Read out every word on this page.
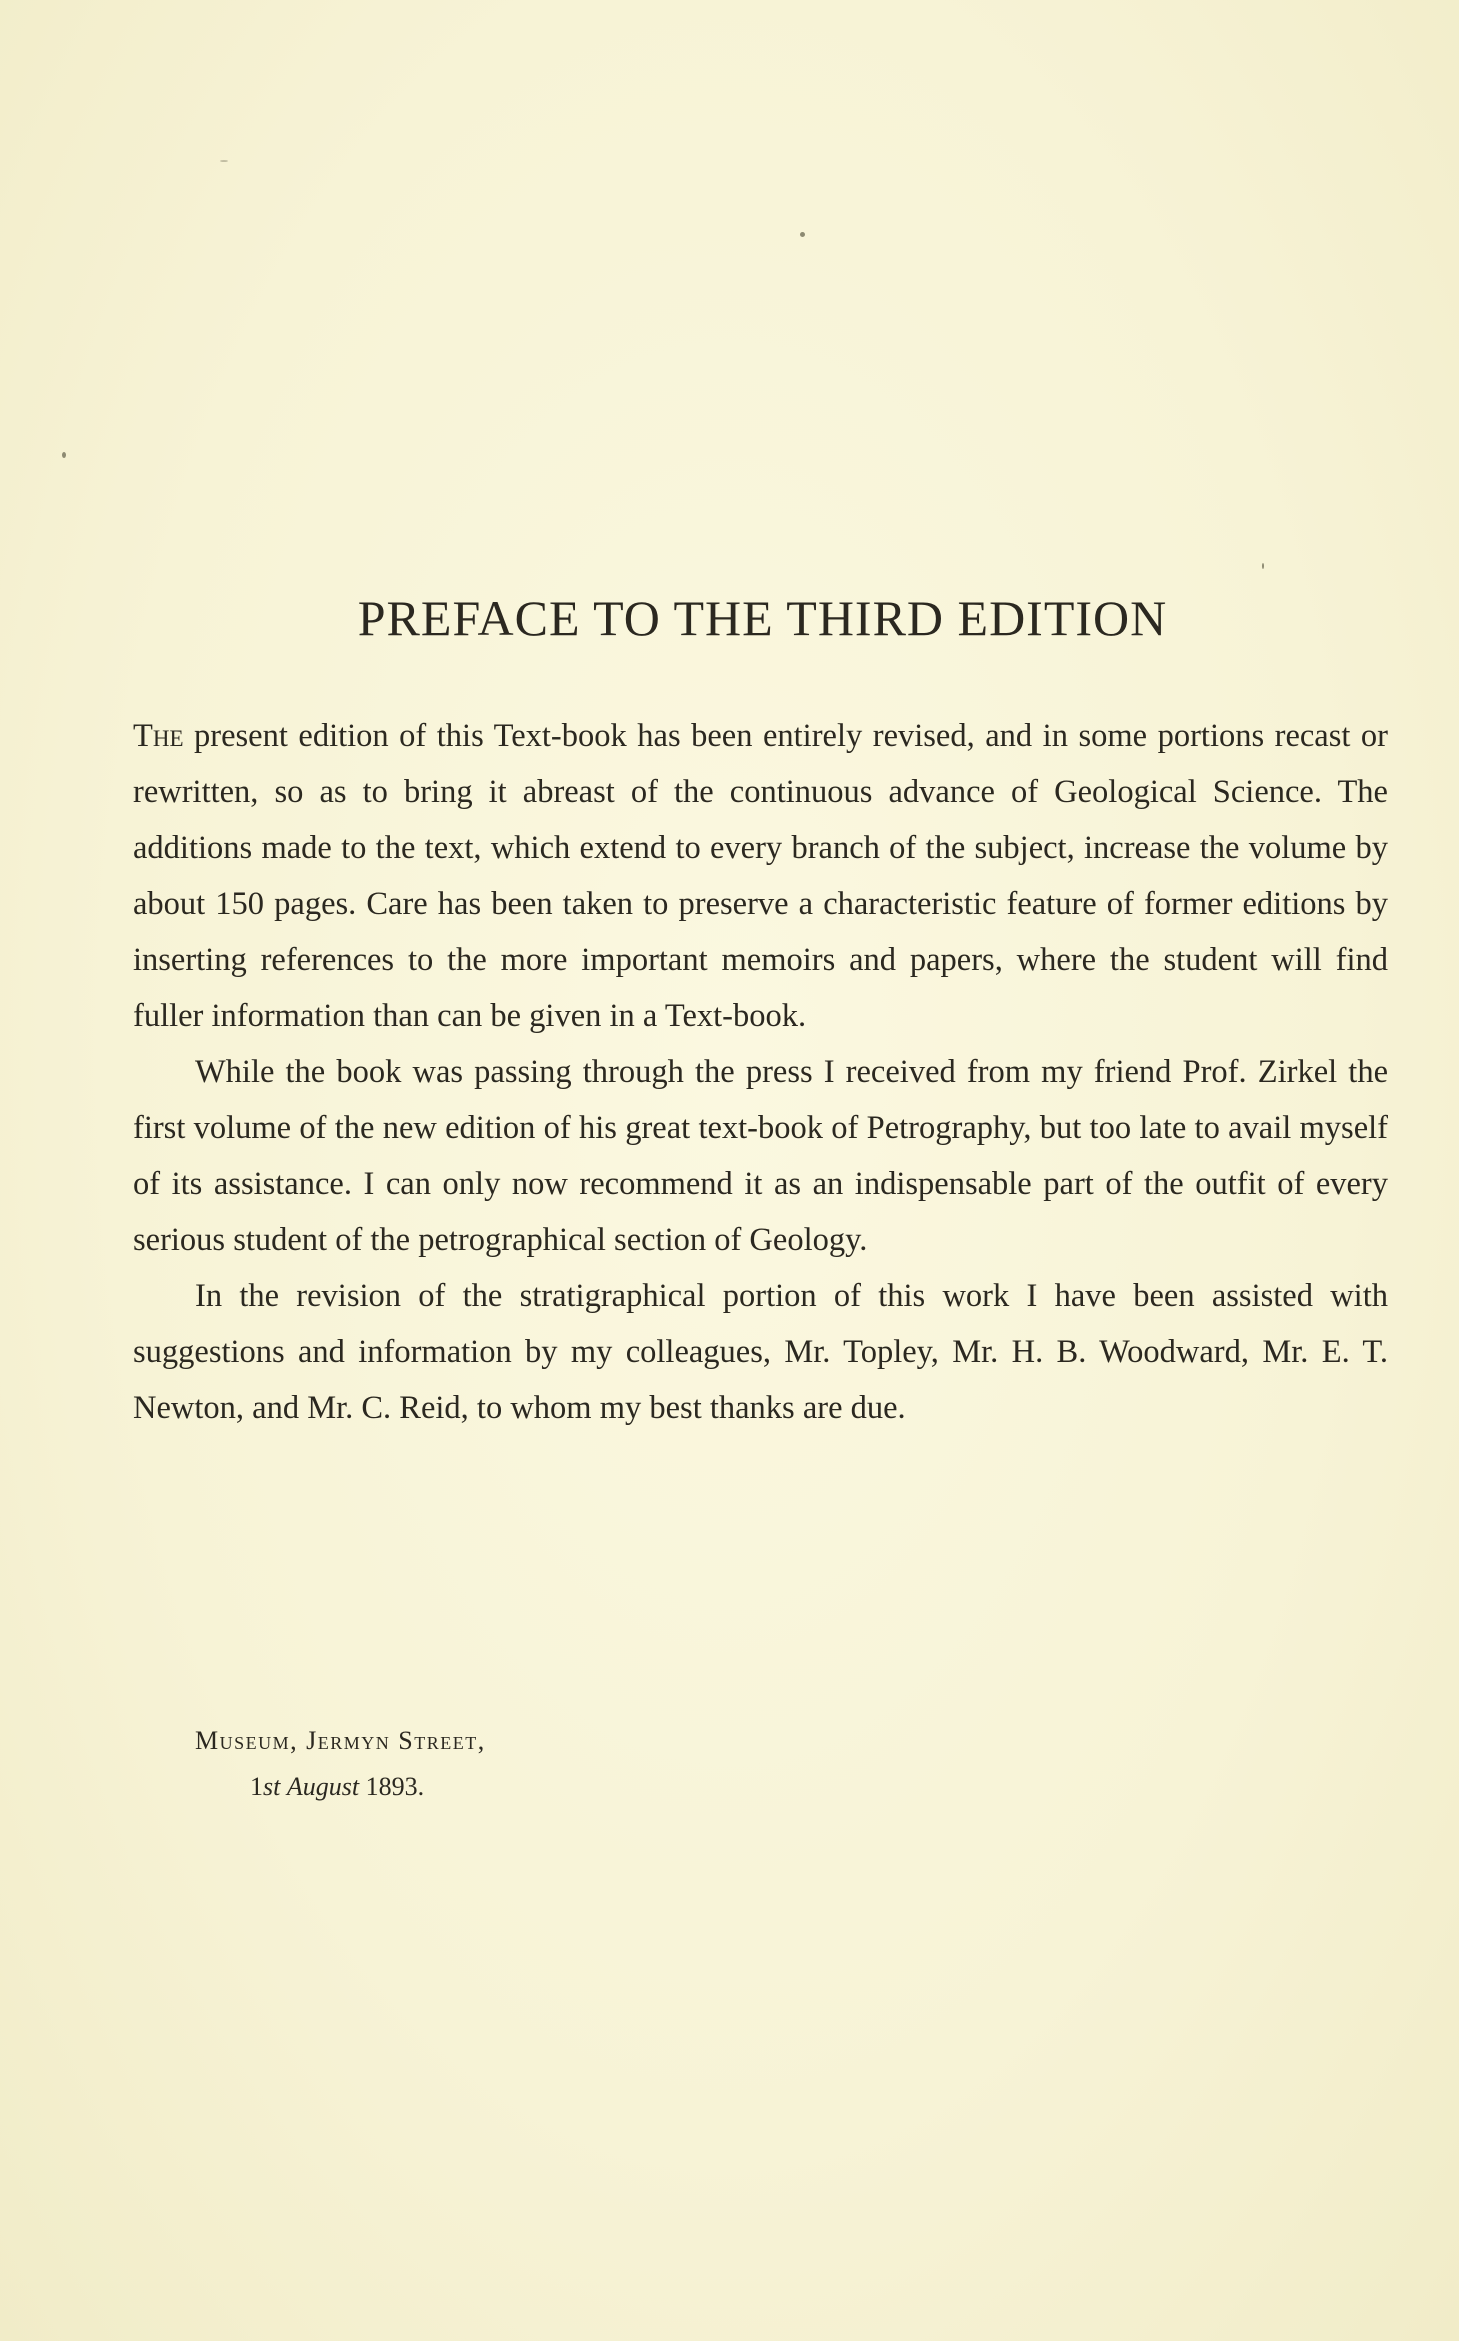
PREFACE TO THE THIRD EDITION

The present edition of this Text-book has been entirely revised, and in some portions recast or rewritten, so as to bring it abreast of the continuous advance of Geological Science. The additions made to the text, which extend to every branch of the subject, increase the volume by about 150 pages. Care has been taken to preserve a characteristic feature of former editions by inserting references to the more important memoirs and papers, where the student will find fuller information than can be given in a Text-book.

While the book was passing through the press I received from my friend Prof. Zirkel the first volume of the new edition of his great text-book of Petrography, but too late to avail myself of its assistance. I can only now recommend it as an indispensable part of the outfit of every serious student of the petrographical section of Geology.

In the revision of the stratigraphical portion of this work I have been assisted with suggestions and information by my colleagues, Mr. Topley, Mr. H. B. Woodward, Mr. E. T. Newton, and Mr. C. Reid, to whom my best thanks are due.

Museum, Jermyn Street,
1st August 1893.
